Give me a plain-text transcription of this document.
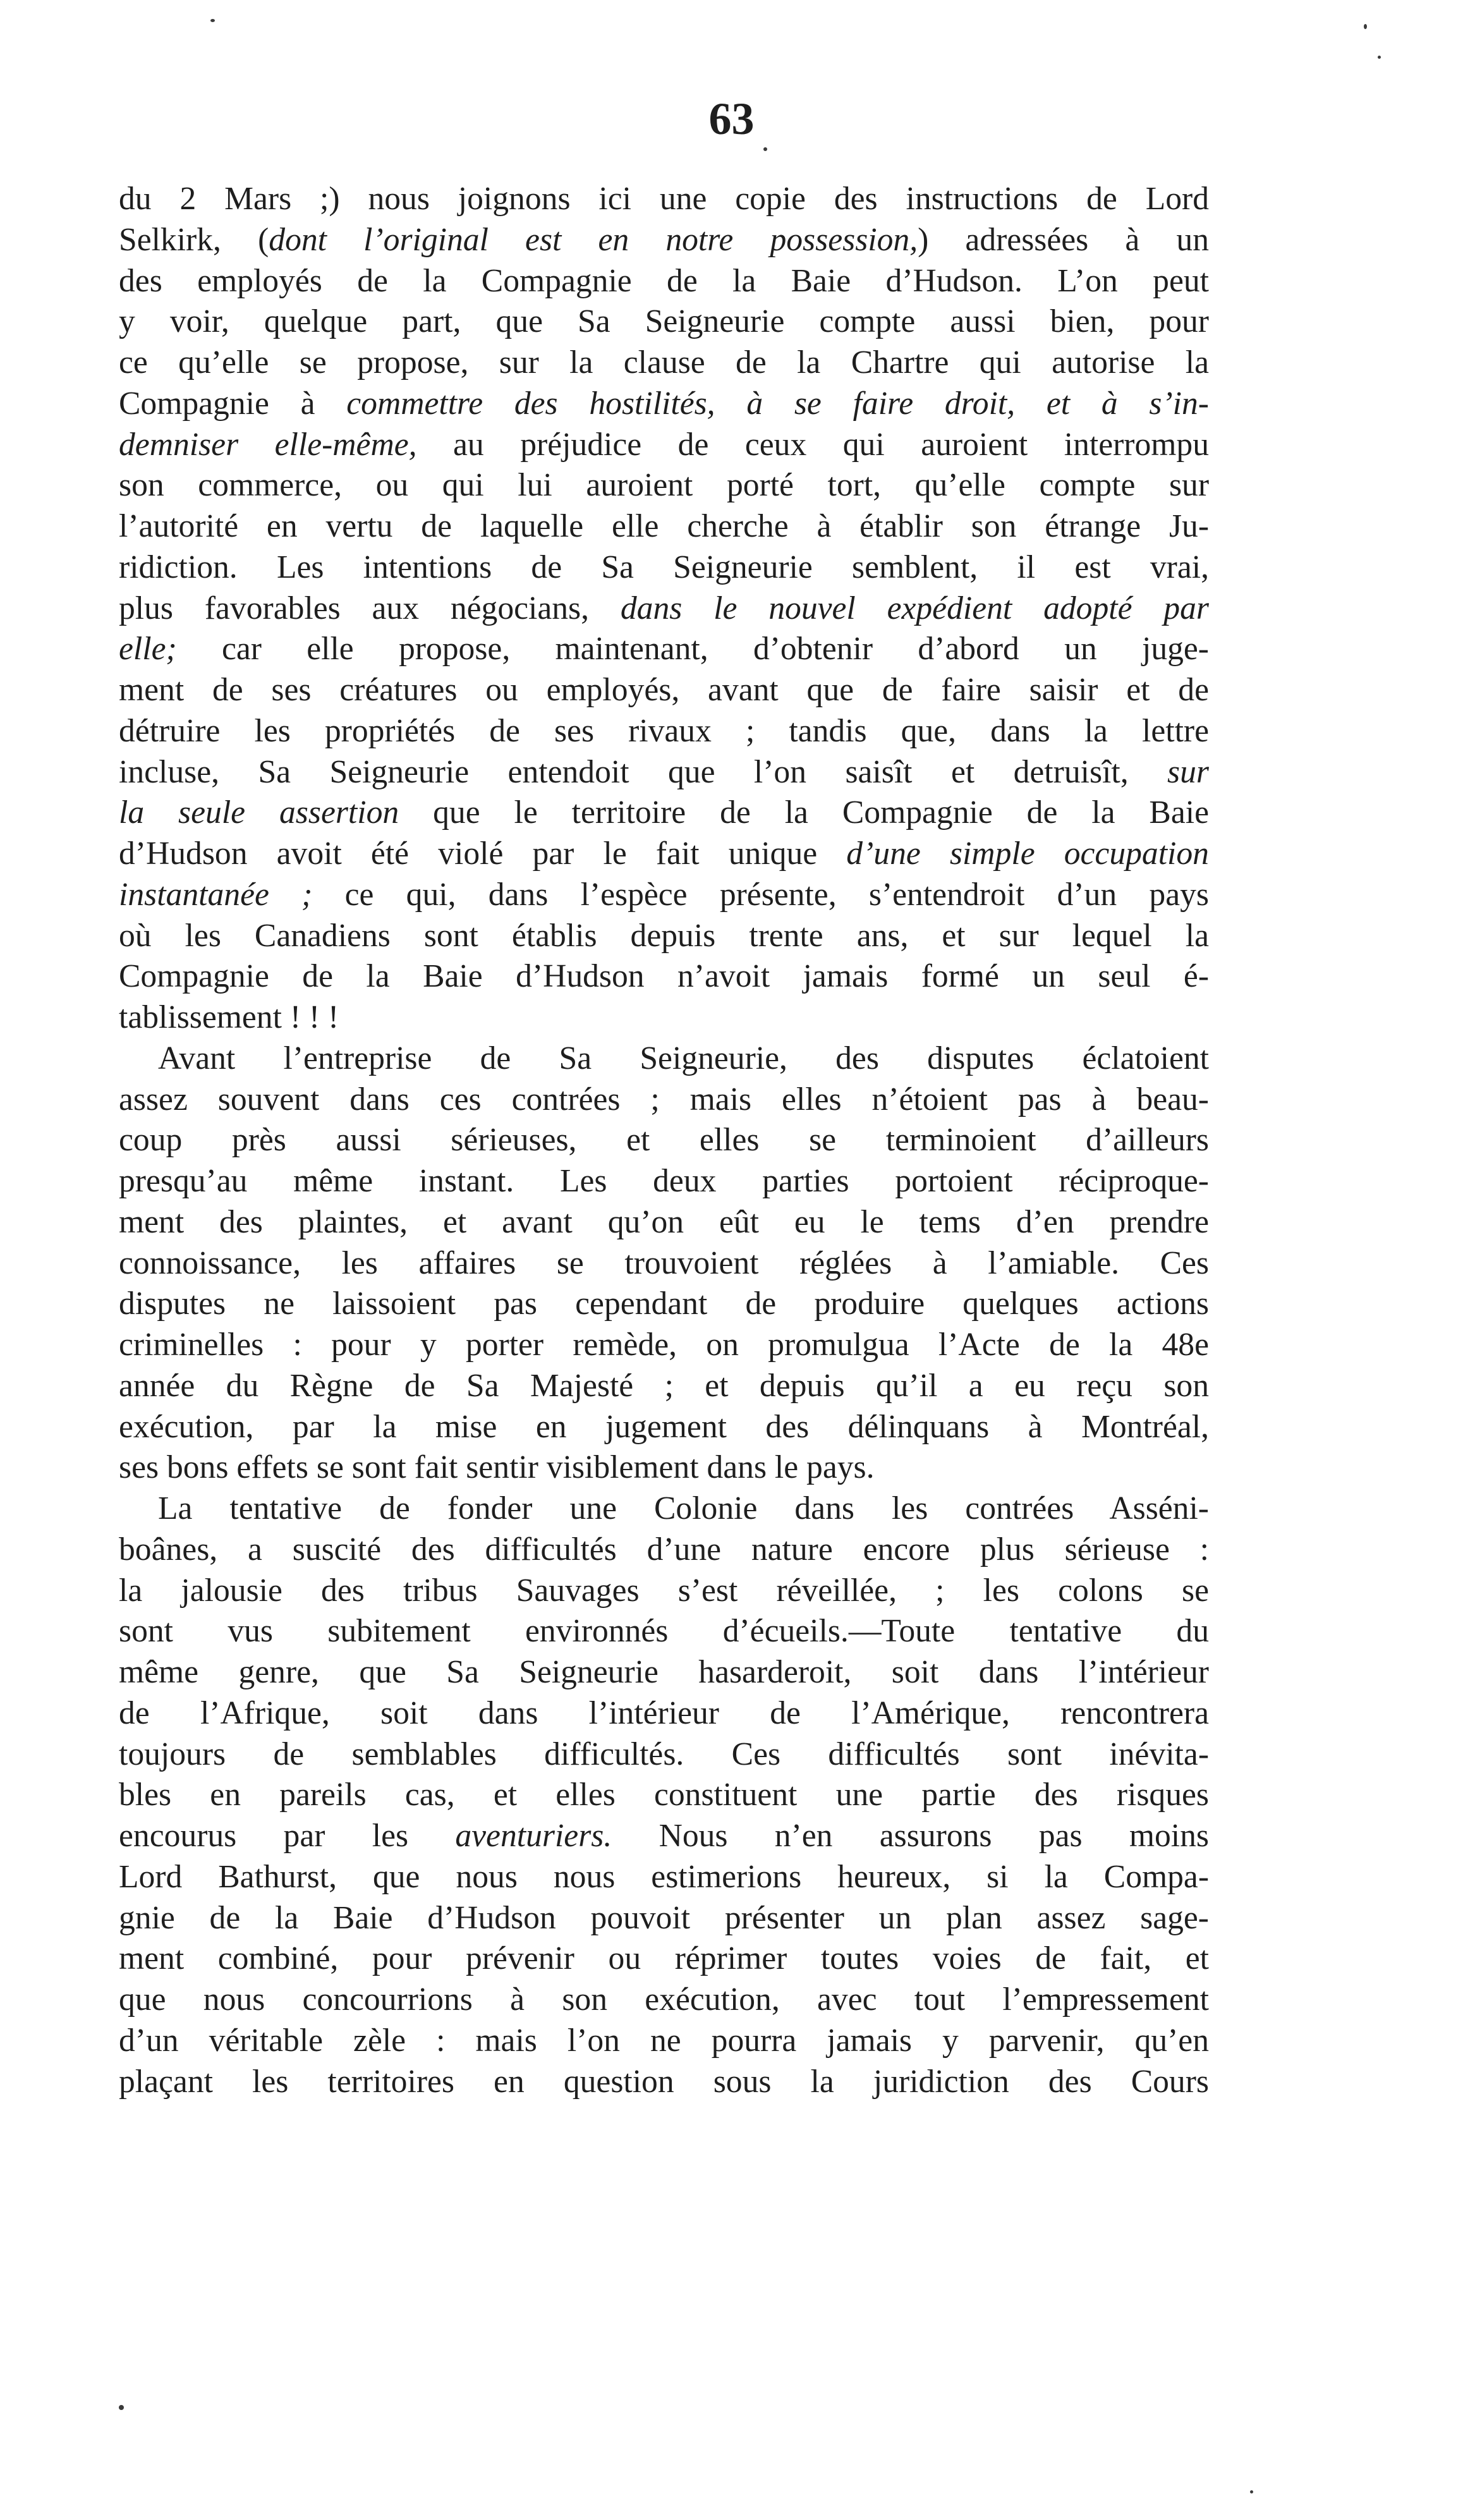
63
du 2 Mars ;) nous joignons ici une copie des instructions de Lord
Selkirk, (dont l’original est en notre possession,) adressées à un
des employés de la Compagnie de la Baie d’Hudson. L’on peut
y voir, quelque part, que Sa Seigneurie compte aussi bien, pour
ce qu’elle se propose, sur la clause de la Chartre qui autorise la
Compagnie à commettre des hostilités, à se faire droit, et à s’in-
demniser elle-même, au préjudice de ceux qui auroient interrompu
son commerce, ou qui lui auroient porté tort, qu’elle compte sur
l’autorité en vertu de laquelle elle cherche à établir son étrange Ju-
ridiction. Les intentions de Sa Seigneurie semblent, il est vrai,
plus favorables aux négocians, dans le nouvel expédient adopté par
elle; car elle propose, maintenant, d’obtenir d’abord un juge-
ment de ses créatures ou employés, avant que de faire saisir et de
détruire les propriétés de ses rivaux ; tandis que, dans la lettre
incluse, Sa Seigneurie entendoit que l’on saisît et detruisît, sur
la seule assertion que le territoire de la Compagnie de la Baie
d’Hudson avoit été violé par le fait unique d’une simple occupation
instantanée ; ce qui, dans l’espèce présente, s’entendroit d’un pays
où les Canadiens sont établis depuis trente ans, et sur lequel la
Compagnie de la Baie d’Hudson n’avoit jamais formé un seul é-
tablissement ! ! !
Avant l’entreprise de Sa Seigneurie, des disputes éclatoient
assez souvent dans ces contrées ; mais elles n’étoient pas à beau-
coup près aussi sérieuses, et elles se terminoient d’ailleurs
presqu’au même instant. Les deux parties portoient réciproque-
ment des plaintes, et avant qu’on eût eu le tems d’en prendre
connoissance, les affaires se trouvoient réglées à l’amiable. Ces
disputes ne laissoient pas cependant de produire quelques actions
criminelles : pour y porter remède, on promulgua l’Acte de la 48e
année du Règne de Sa Majesté ; et depuis qu’il a eu reçu son
exécution, par la mise en jugement des délinquans à Montréal,
ses bons effets se sont fait sentir visiblement dans le pays.
La tentative de fonder une Colonie dans les contrées Asséni-
boânes, a suscité des difficultés d’une nature encore plus sérieuse :
la jalousie des tribus Sauvages s’est réveillée, ; les colons se
sont vus subitement environnés d’écueils.—Toute tentative du
même genre, que Sa Seigneurie hasarderoit, soit dans l’intérieur
de l’Afrique, soit dans l’intérieur de l’Amérique, rencontrera
toujours de semblables difficultés. Ces difficultés sont inévita-
bles en pareils cas, et elles constituent une partie des risques
encourus par les aventuriers. Nous n’en assurons pas moins
Lord Bathurst, que nous nous estimerions heureux, si la Compa-
gnie de la Baie d’Hudson pouvoit présenter un plan assez sage-
ment combiné, pour prévenir ou réprimer toutes voies de fait, et
que nous concourrions à son exécution, avec tout l’empressement
d’un véritable zèle : mais l’on ne pourra jamais y parvenir, qu’en
plaçant les territoires en question sous la juridiction des Cours
